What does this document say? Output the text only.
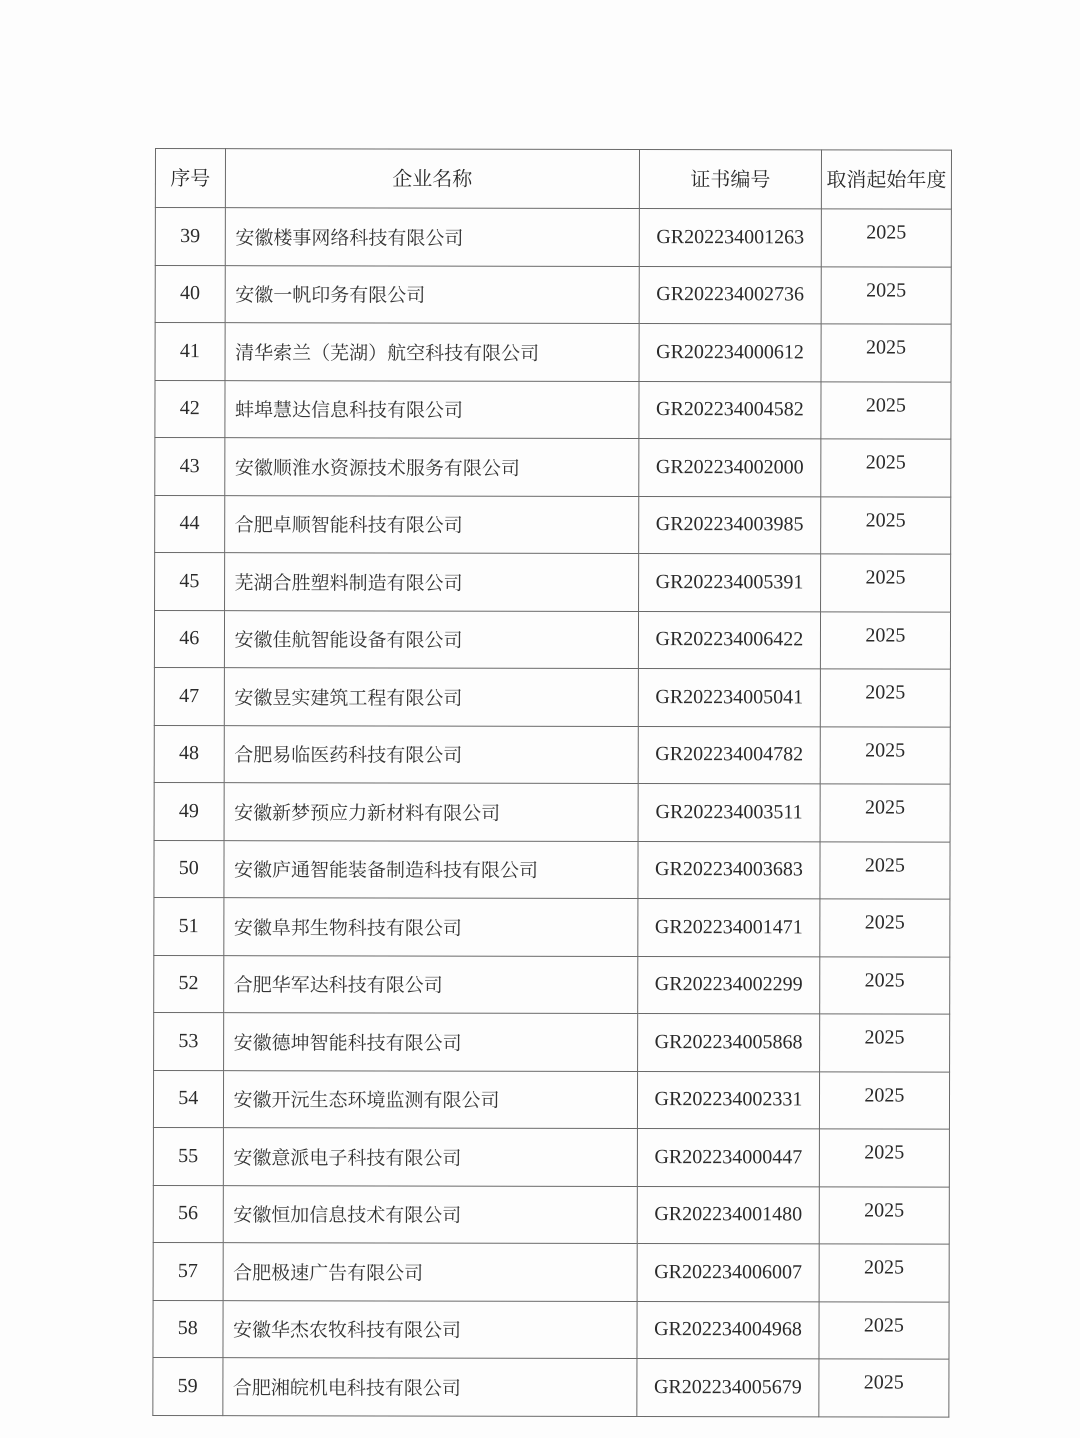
序号	企业名称	证书编号	取消起始年度
39	安徽楼事网络科技有限公司	GR202234001263	2025
40	安徽一帆印务有限公司	GR202234002736	2025
41	清华索兰（芜湖）航空科技有限公司	GR202234000612	2025
42	蚌埠慧达信息科技有限公司	GR202234004582	2025
43	安徽顺淮水资源技术服务有限公司	GR202234002000	2025
44	合肥卓顺智能科技有限公司	GR202234003985	2025
45	芜湖合胜塑料制造有限公司	GR202234005391	2025
46	安徽佳航智能设备有限公司	GR202234006422	2025
47	安徽昱实建筑工程有限公司	GR202234005041	2025
48	合肥易临医药科技有限公司	GR202234004782	2025
49	安徽新梦预应力新材料有限公司	GR202234003511	2025
50	安徽庐通智能装备制造科技有限公司	GR202234003683	2025
51	安徽阜邦生物科技有限公司	GR202234001471	2025
52	合肥华军达科技有限公司	GR202234002299	2025
53	安徽德坤智能科技有限公司	GR202234005868	2025
54	安徽开沅生态环境监测有限公司	GR202234002331	2025
55	安徽意派电子科技有限公司	GR202234000447	2025
56	安徽恒加信息技术有限公司	GR202234001480	2025
57	合肥极速广告有限公司	GR202234006007	2025
58	安徽华杰农牧科技有限公司	GR202234004968	2025
59	合肥湘皖机电科技有限公司	GR202234005679	2025
